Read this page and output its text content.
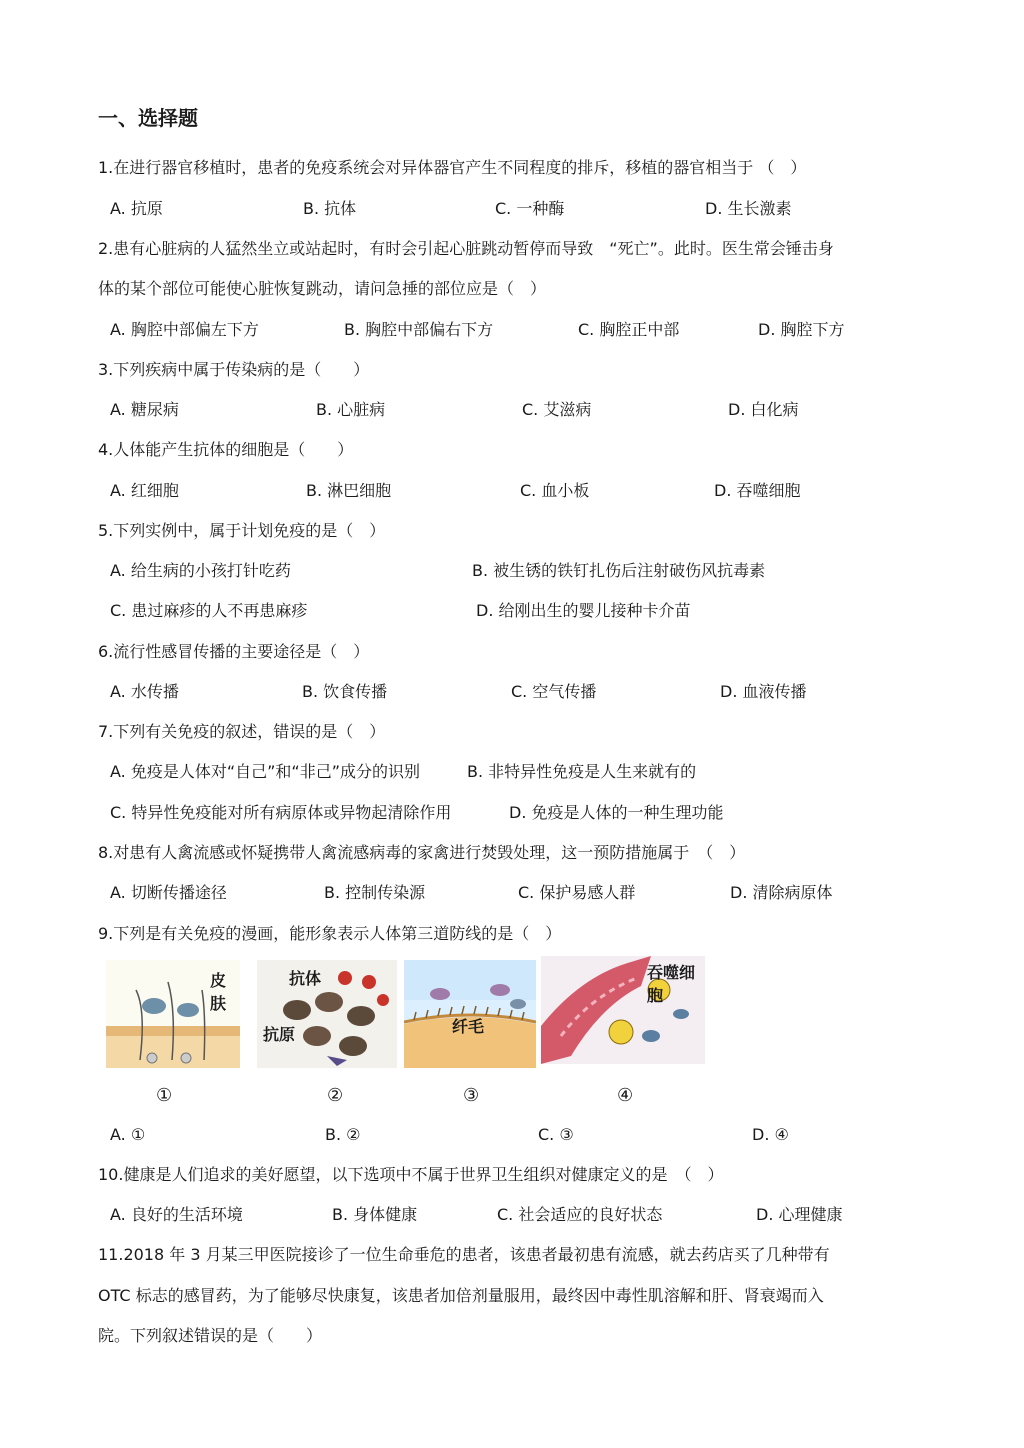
一、选择题
1.在进行器官移植时，患者的免疫系统会对异体器官产生不同程度的排斥，移植的器官相当于 （　）
A. 抗原	B. 抗体	C. 一种酶	D. 生长激素
2.患有心脏病的人猛然坐立或站起时，有时会引起心脏跳动暂停而导致　“死亡”。此时。医生常会锤击身
体的某个部位可能使心脏恢复跳动，请问急捶的部位应是（　）
A. 胸腔中部偏左下方	B. 胸腔中部偏右下方	C. 胸腔正中部	D. 胸腔下方
3.下列疾病中属于传染病的是（　　）
A. 糖尿病	B. 心脏病	C. 艾滋病	D. 白化病
4.人体能产生抗体的细胞是（　　）
A. 红细胞	B. 淋巴细胞	C. 血小板	D. 吞噬细胞
5.下列实例中，属于计划免疫的是（　）
A. 给生病的小孩打针吃药	B. 被生锈的铁钉扎伤后注射破伤风抗毒素
C. 患过麻疹的人不再患麻疹	D. 给刚出生的婴儿接种卡介苗
6.流行性感冒传播的主要途径是（　）
A. 水传播	B. 饮食传播	C. 空气传播	D. 血液传播
7.下列有关免疫的叙述，错误的是（　）
A. 免疫是人体对“自己”和“非己”成分的识别	B. 非特异性免疫是人生来就有的
C. 特异性免疫能对所有病原体或异物起清除作用	D. 免疫是人体的一种生理功能
8.对患有人禽流感或怀疑携带人禽流感病毒的家禽进行焚毁处理，这一预防措施属于　（　）
A. 切断传播途径	B. 控制传染源	C. 保护易感人群	D. 清除病原体
9.下列是有关免疫的漫画，能形象表示人体第三道防线的是（　）
皮肤
抗体
抗原	纤毛
吞噬细胞
①	②	③	④
A. ①	B. ②	C. ③	D. ④
10.健康是人们追求的美好愿望，以下选项中不属于世界卫生组织对健康定义的是　（　）
A. 良好的生活环境	B. 身体健康	C. 社会适应的良好状态	D. 心理健康
11.2018 年 3 月某三甲医院接诊了一位生命垂危的患者，该患者最初患有流感，就去药店买了几种带有
OTC 标志的感冒药，为了能够尽快康复，该患者加倍剂量服用，最终因中毒性肌溶解和肝、肾衰竭而入
院。下列叙述错误的是（　　）
